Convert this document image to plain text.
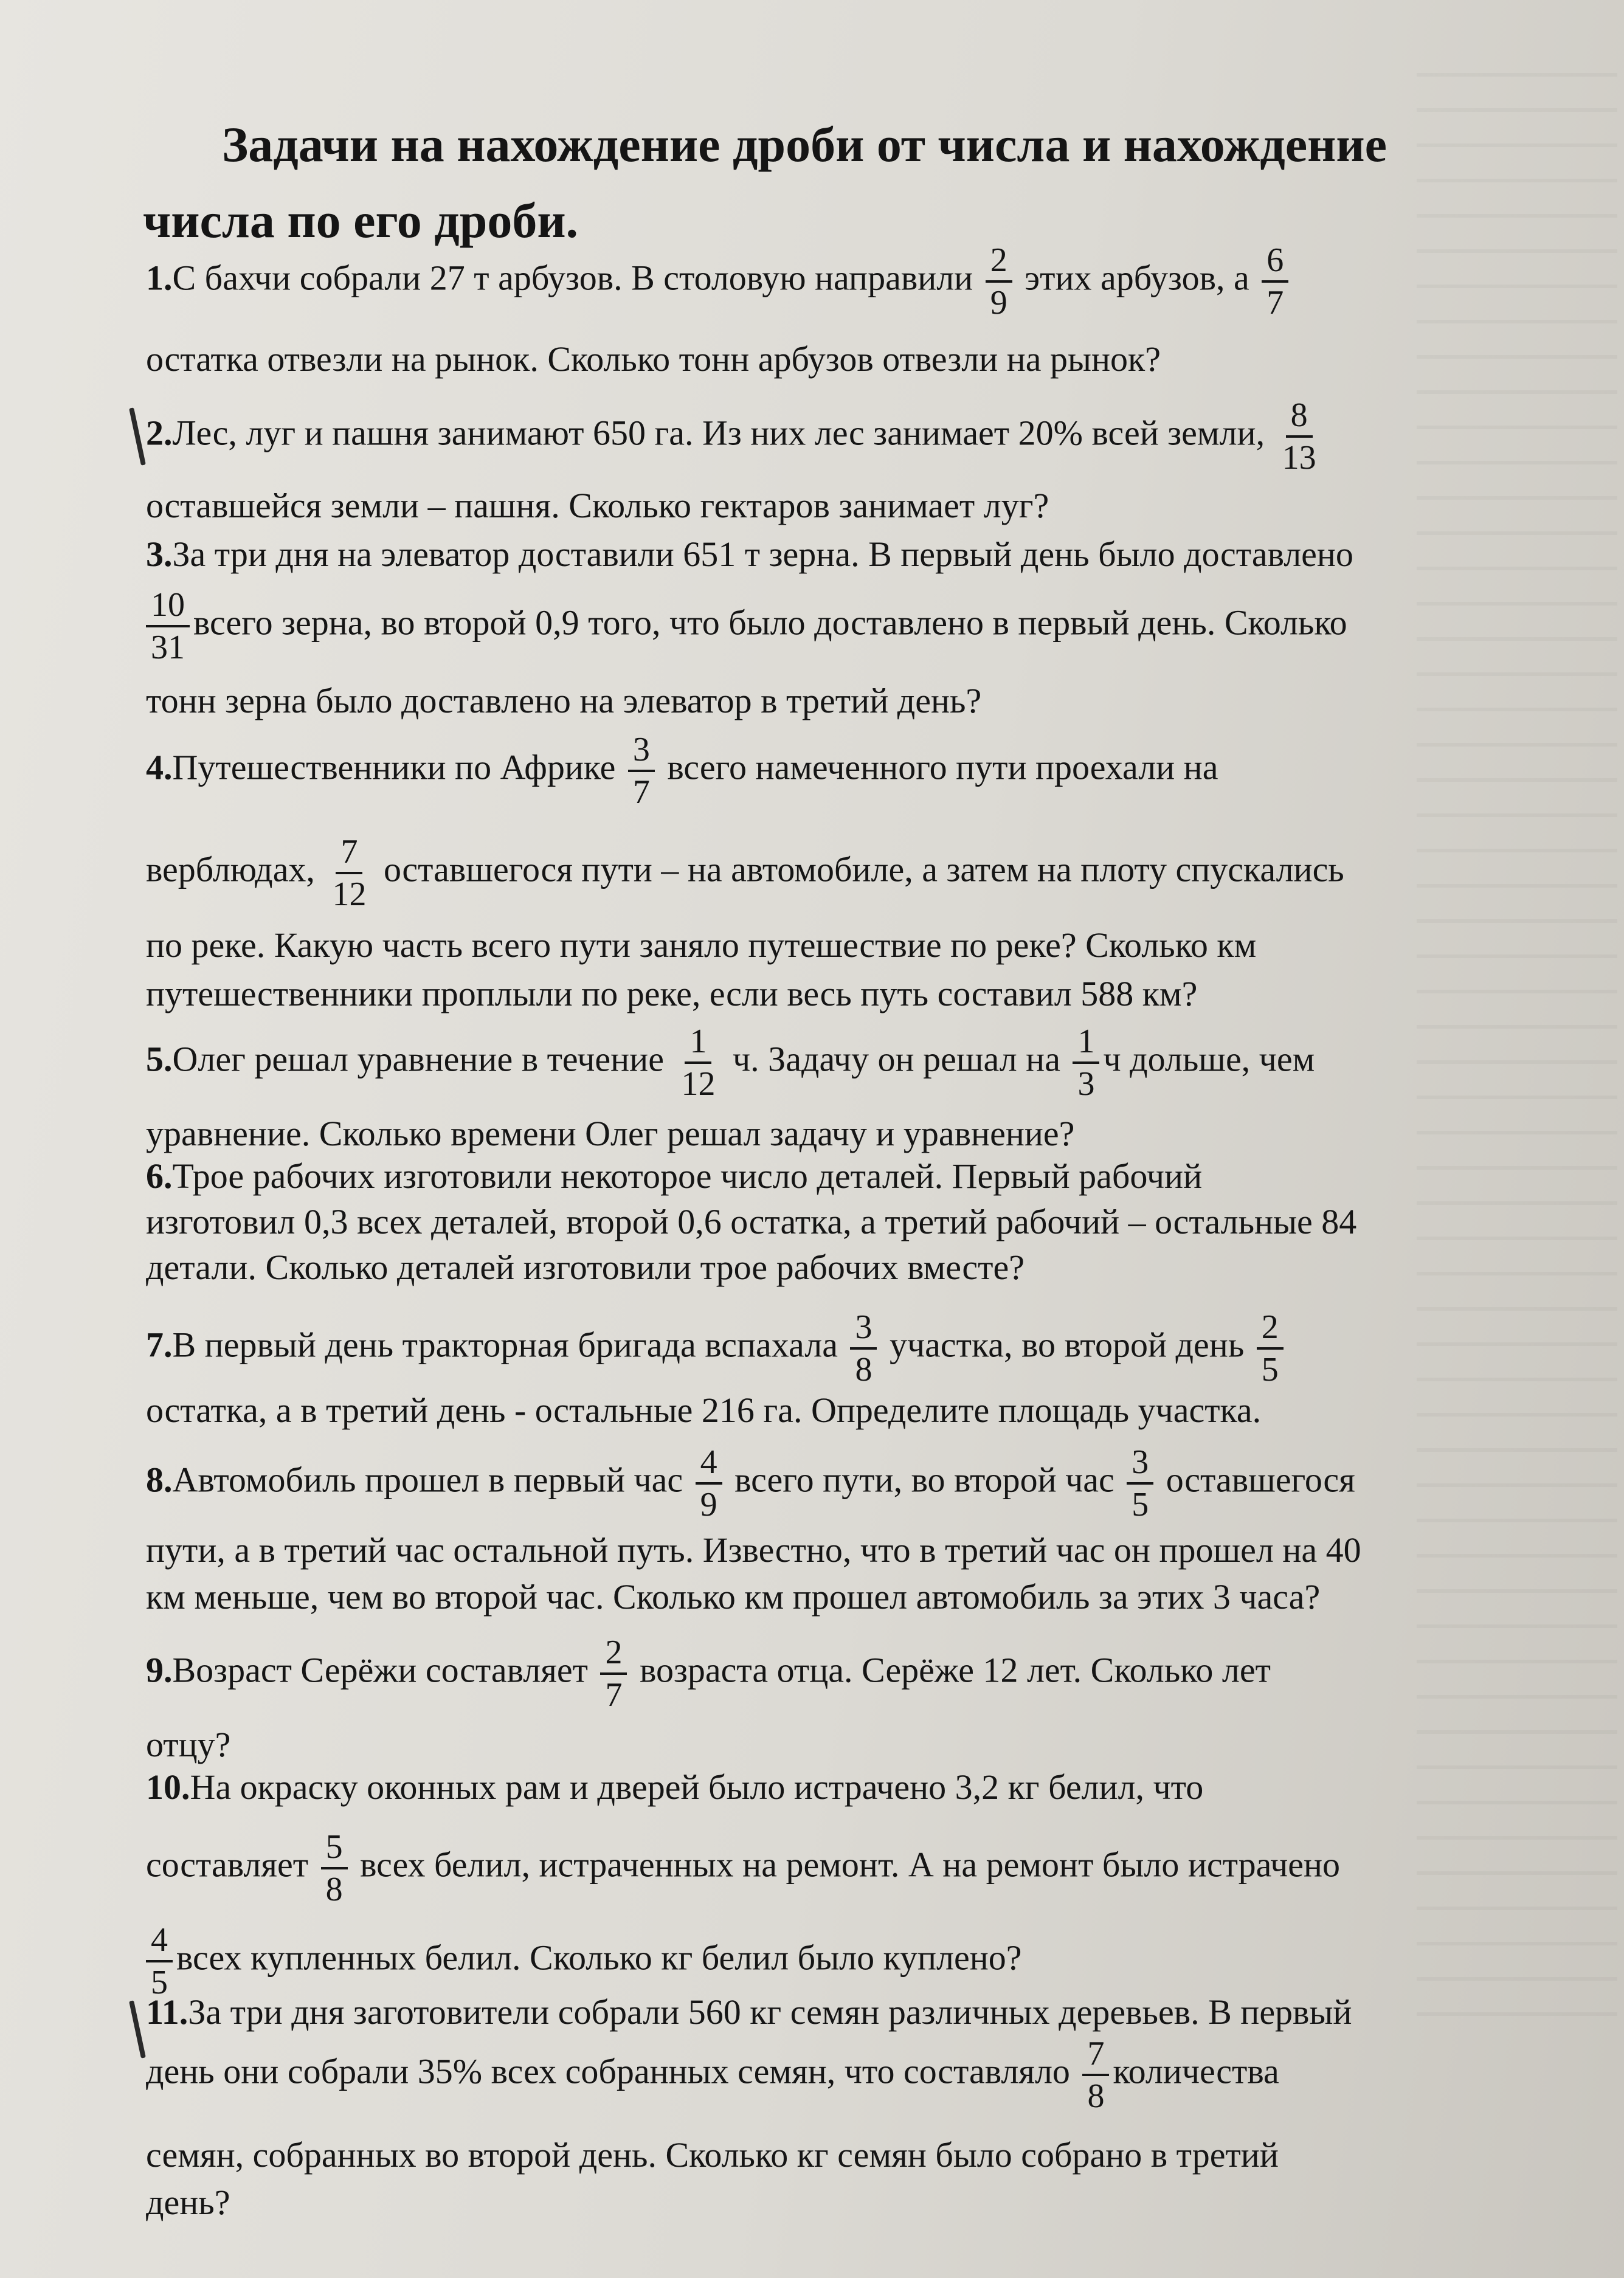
Задачи на нахождение дроби от числа и нахождение числа по его дроби.
1.С бахчи собрали 27 т арбузов. В столовую направили $\frac{2}{9}$ этих арбузов, а $\frac{6}{7}$
остатка отвезли на рынок. Сколько тонн арбузов отвезли на рынок?
2.Лес, луг и пашня занимают 650 га. Из них лес занимает 20% всей земли, $\frac{8}{13}$
оставшейся земли – пашня. Сколько гектаров занимает луг?
3.За три дня на элеватор доставили 651 т зерна. В первый день было доставлено
$\frac{10}{31}$ всего зерна, во второй 0,9 того, что было доставлено в первый день. Сколько
тонн зерна было доставлено на элеватор в третий день?
4.Путешественники по Африке $\frac{3}{7}$ всего намеченного пути проехали на
верблюдах, $\frac{7}{12}$ оставшегося пути – на автомобиле, а затем на плоту спускались
по реке. Какую часть всего пути заняло путешествие по реке? Сколько км
путешественники проплыли по реке, если весь путь составил 588 км?
5.Олег решал уравнение в течение $\frac{1}{12} ч$. Задачу он решал на $\frac{1}{3}$ ч дольше, чем
уравнение. Сколько времени Олег решал задачу и уравнение?
6.Трое рабочих изготовили некоторое число деталей. Первый рабочий
изготовил 0,3 всех деталей, второй 0,6 остатка, а третий рабочий – остальные 84
детали. Сколько деталей изготовили трое рабочих вместе?
7.В первый день тракторная бригада вспахала $\frac{3}{8}$ участка, во второй день $\frac{2}{5}$
остатка, а в третий день - остальные 216 га. Определите площадь участка.
8.Автомобиль прошел в первый час $\frac{4}{9}$ всего пути, во второй час $\frac{3}{5}$ оставшегося
пути, а в третий час остальной путь. Известно, что в третий час он прошел на 40
км меньше, чем во второй час. Сколько км прошел автомобиль за этих 3 часа?
9.Возраст Серёжи составляет $\frac{2}{7}$ возраста отца. Серёже 12 лет. Сколько лет
отцу?
10.На окраску оконных рам и дверей было истрачено 3,2 кг белил, что
составляет $\frac{5}{8}$ всех белил, истраченных на ремонт. А на ремонт было истрачено
$\frac{4}{5}$ всех купленных белил. Сколько кг белил было куплено?
11.За три дня заготовители собрали 560 кг семян различных деревьев. В первый
день они собрали 35% всех собранных семян, что составляло $\frac{7}{8}$ количества
семян, собранных во второй день. Сколько кг семян было собрано в третий
день?
